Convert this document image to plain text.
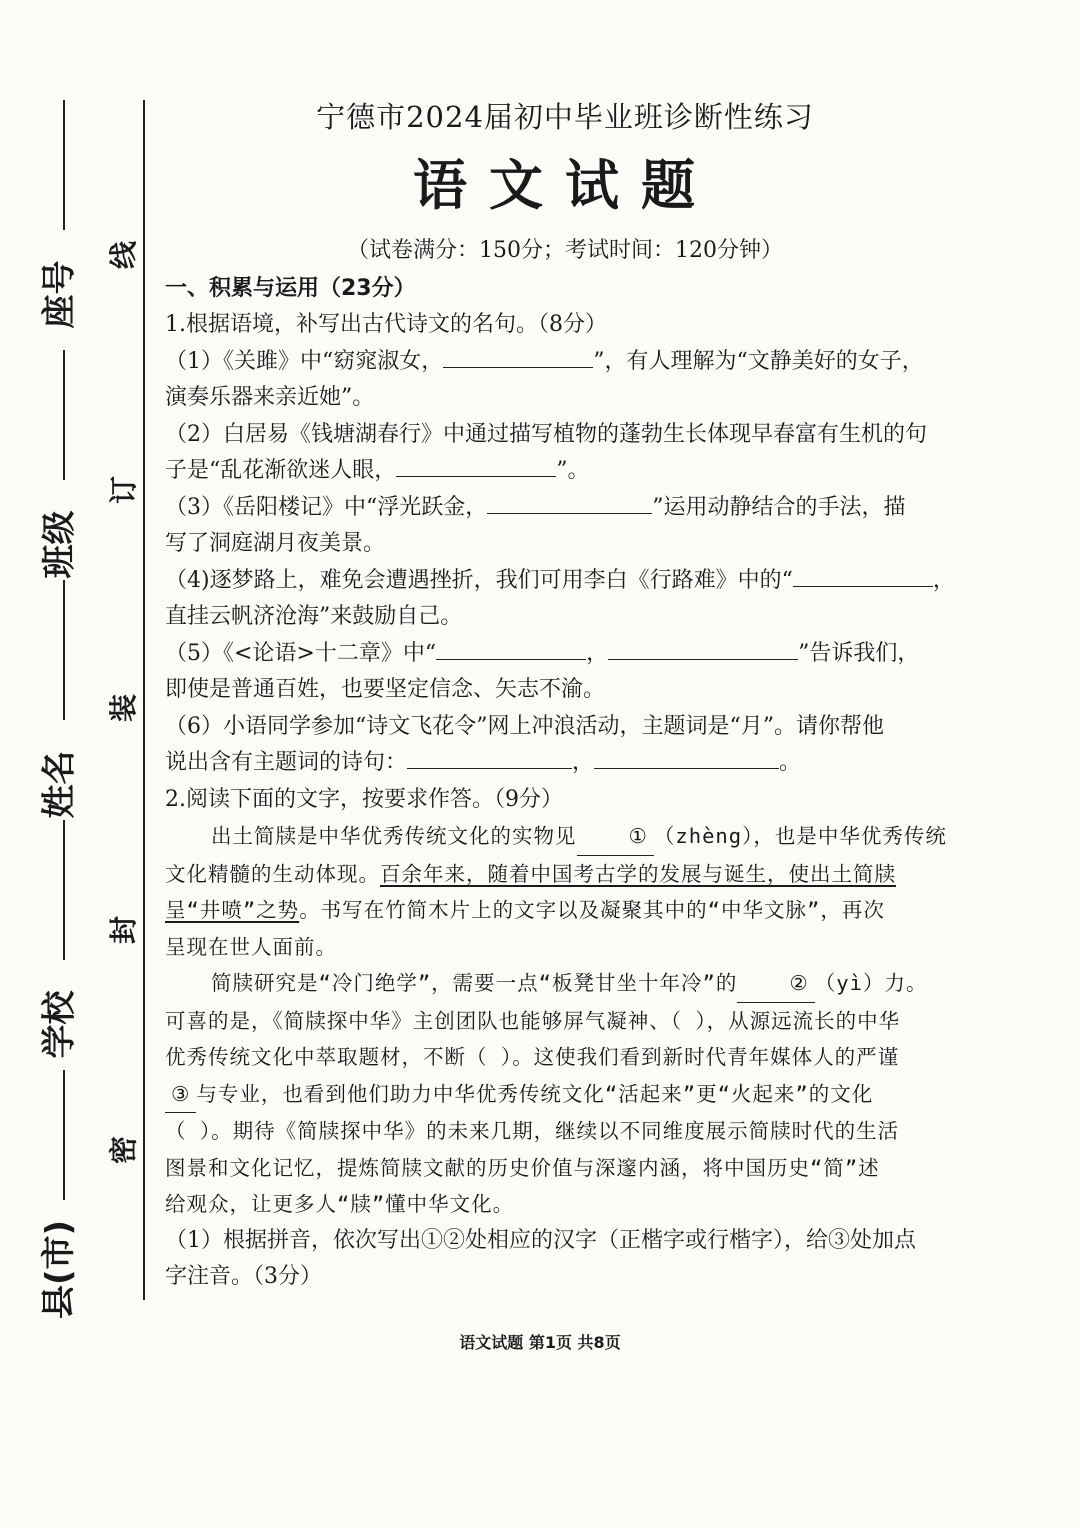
座号
班级
姓名
学校
县(市)
线
订
装
封
密

宁德市2024届初中毕业班诊断性练习

语文试题

（试卷满分：150分；考试时间：120分钟）

一、积累与运用（23分）

1.根据语境，补写出古代诗文的名句。（8分）

（1）《关雎》中“窈窕淑女，	”，有人理解为“文静美好的女子，

演奏乐器来亲近她”。

（2）白居易《钱塘湖春行》中通过描写植物的蓬勃生长体现早春富有生机的句

子是“乱花渐欲迷人眼，	”。

（3）《岳阳楼记》中“浮光跃金，	”运用动静结合的手法，描

写了洞庭湖月夜美景。

（4)逐梦路上，难免会遭遇挫折，我们可用李白《行路难》中的“	，

直挂云帆济沧海”来鼓励自己。

（5）《<论语>十二章》中“	，	”告诉我们，

即使是普通百姓，也要坚定信念、矢志不渝。

（6）小语同学参加“诗文飞花令”网上冲浪活动，主题词是“月”。请你帮他

说出含有主题词的诗句：	，	。

2.阅读下面的文字，按要求作答。（9分）

出土简牍是中华优秀传统文化的实物见	① （zhèng），也是中华优秀传统

文化精髓的生动体现。百余年来，随着中国考古学的发展与诞生，使出土简牍

呈“井喷”之势。书写在竹简木片上的文字以及凝聚其中的“中华文脉”，再次

呈现在世人面前。

简牍研究是“冷门绝学”，需要一点“板凳甘坐十年冷”的	② （yì）力。

可喜的是，《简牍探中华》主创团队也能够屏气凝神、（ ），从源远流长的中华

优秀传统文化中萃取题材，不断（ ）。这使我们看到新时代青年媒体人的严谨

③ 与专业，也看到他们助力中华优秀传统文化“活起来”更“火起来”的文化

（ ）。期待《简牍探中华》的未来几期，继续以不同维度展示简牍时代的生活

图景和文化记忆，提炼简牍文献的历史价值与深邃内涵，将中国历史“简”述

给观众，让更多人“牍”懂中华文化。

（1）根据拼音，依次写出①②处相应的汉字（正楷字或行楷字），给③处加点

字注音。（3分）

语文试题 第1页 共8页
